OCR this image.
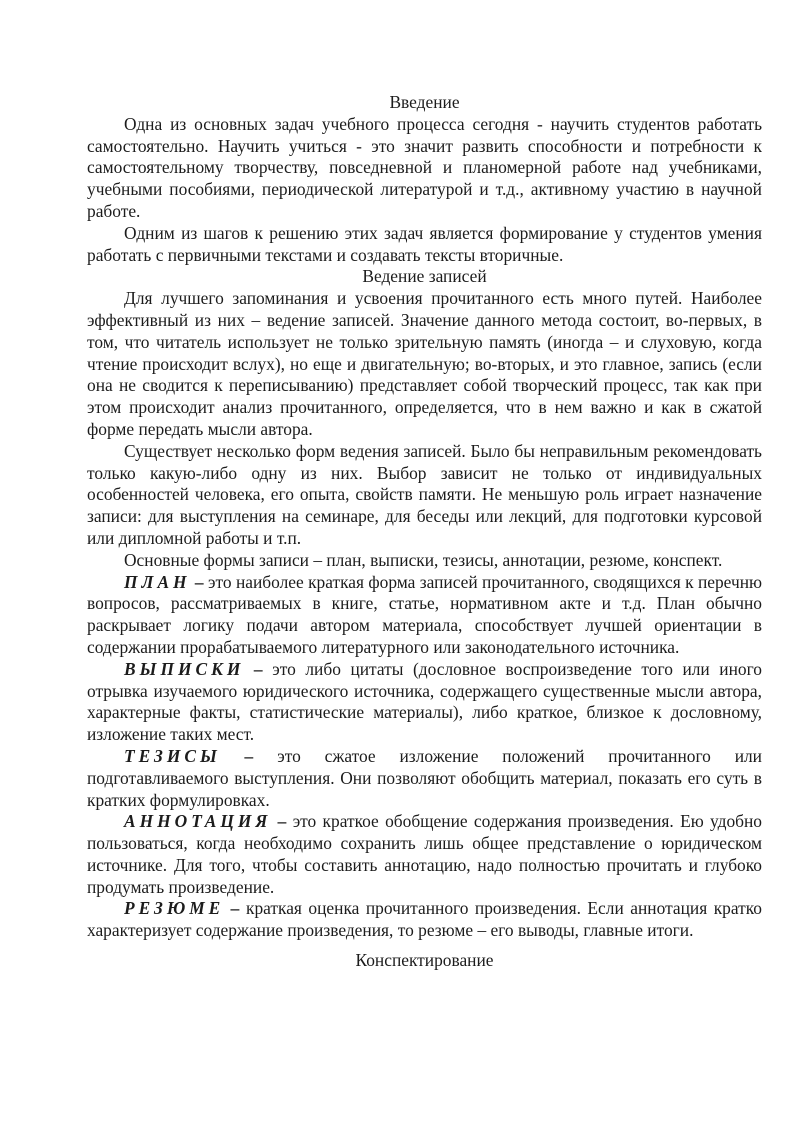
Введение

Одна из основных задач учебного процесса сегодня - научить студентов работать самостоятельно. Научить учиться - это значит развить способности и потребности к самостоятельному творчеству, повседневной и планомерной работе над учебниками, учебными пособиями, периодической литературой и т.д., активному участию в научной работе.

Одним из шагов к решению этих задач является формирование у студентов умения работать с первичными текстами и создавать тексты вторичные.

Ведение записей

Для лучшего запоминания и усвоения прочитанного есть много путей. Наиболее эффективный из них – ведение записей. Значение данного метода состоит, во-первых, в том, что читатель использует не только зрительную память (иногда – и слуховую, когда чтение происходит вслух), но еще и двигательную; во-вторых, и это главное, запись (если она не сводится к переписыванию) представляет собой творческий процесс, так как при этом происходит анализ прочитанного, определяется, что в нем важно и как в сжатой форме передать мысли автора.

Существует несколько форм ведения записей. Было бы неправильным рекомендовать только какую-либо одну из них. Выбор зависит не только от индивидуальных особенностей человека, его опыта, свойств памяти. Не меньшую роль играет назначение записи: для выступления на семинаре, для беседы или лекций, для подготовки курсовой или дипломной работы и т.п.

Основные формы записи – план, выписки, тезисы, аннотации, резюме, конспект.

ПЛАН – это наиболее краткая форма записей прочитанного, сводящихся к перечню вопросов, рассматриваемых в книге, статье, нормативном акте и т.д. План обычно раскрывает логику подачи автором материала, способствует лучшей ориентации в содержании прорабатываемого литературного или законодательного источника.

ВЫПИСКИ – это либо цитаты (дословное воспроизведение того или иного отрывка изучаемого юридического источника, содержащего существенные мысли автора, характерные факты, статистические материалы), либо краткое, близкое к дословному, изложение таких мест.

ТЕЗИСЫ – это сжатое изложение положений прочитанного или подготавливаемого выступления. Они позволяют обобщить материал, показать его суть в кратких формулировках.

АННОТАЦИЯ – это краткое обобщение содержания произведения. Ею удобно пользоваться, когда необходимо сохранить лишь общее представление о юридическом источнике. Для того, чтобы составить аннотацию, надо полностью прочитать и глубоко продумать произведение.

РЕЗЮМЕ – краткая оценка прочитанного произведения. Если аннотация кратко характеризует содержание произведения, то резюме – его выводы, главные итоги.

Конспектирование
